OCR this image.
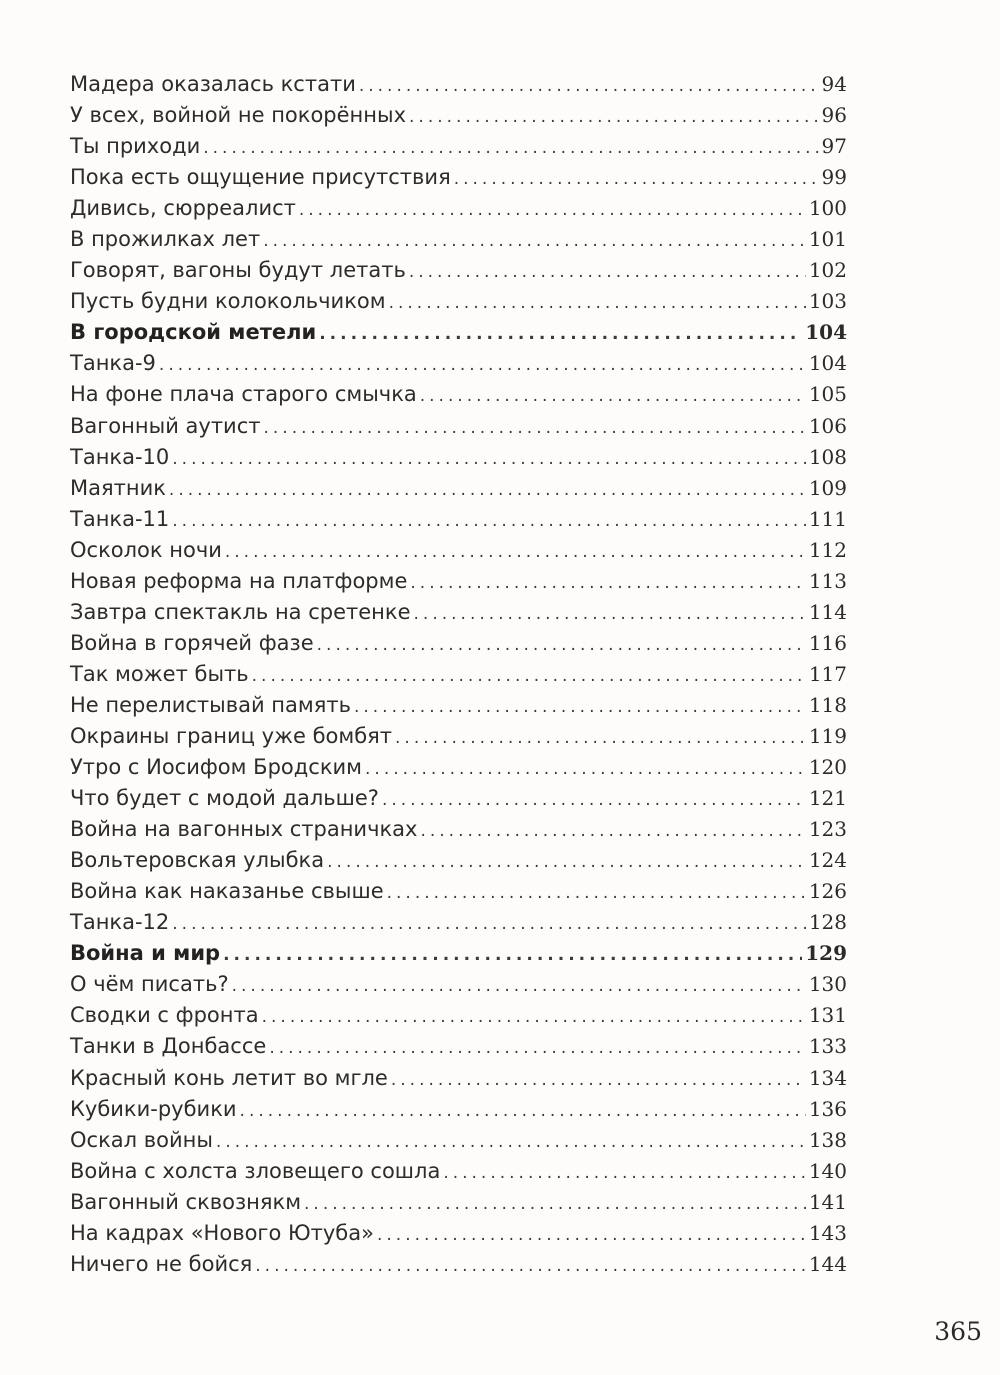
Мадера оказалась кстати .....	94
У всех, войной не покорённых .....	96
Ты приходи .....	97
Пока есть ощущение присутствия .....	99
Дивись, сюрреалист .....	100
В прожилках лет .....	101
Говорят, вагоны будут летать .....	102
Пусть будни колокольчиком .....	103
В городской метели .....	104
Танка-9 .....	104
На фоне плача старого смычка .....	105
Вагонный аутист .....	106
Танка-10 .....	108
Маятник .....	109
Танка-11 .....	111
Осколок ночи .....	112
Новая реформа на платформе .....	113
Завтра спектакль на сретенке .....	114
Война в горячей фазе .....	116
Так может быть .....	117
Не перелистывай память .....	118
Окраины границ уже бомбят .....	119
Утро с Иосифом Бродским .....	120
Что будет с модой дальше? .....	121
Война на вагонных страничках .....	123
Вольтеровская улыбка .....	124
Война как наказанье свыше .....	126
Танка-12 .....	128
Война и мир .....	129
О чём писать? .....	130
Сводки с фронта .....	131
Танки в Донбассе .....	133
Красный конь летит во мгле .....	134
Кубики-рубики .....	136
Оскал войны .....	138
Война с холста зловещего сошла .....	140
Вагонный сквознякм .....	141
На кадрах «Нового Ютуба» .....	143
Ничего не бойся .....	144
365
